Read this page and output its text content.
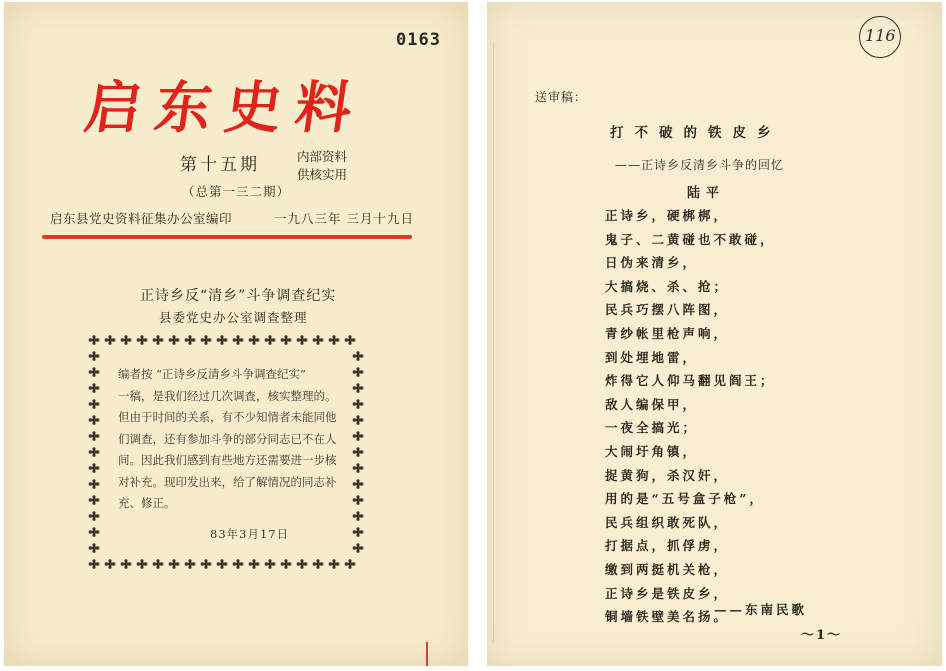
0163
启东史料
第十五期	内部资料
供核实用
（总第一三二期）
启东县党史资料征集办公室编印	一九八三年 三月十九日
正诗乡反“清乡”斗争调查纪实
县委党史办公室调查整理

编者按 “正诗乡反清乡斗争调查纪实”

一稿，是我们经过几次调查，核实整理的。

但由于时间的关系，有不少知情者未能同他

们调查，还有参加斗争的部分同志已不在人

间。因此我们感到有些地方还需要进一步核

对补充。现印发出来，给了解情况的同志补

充、修正。

83年3月17日
116
送审稿：
打不破的铁皮乡
——正诗乡反清乡斗争的回忆
陆平
正诗乡，硬梆梆，
鬼子、二黄碰也不敢碰，
日伪来清乡，
大搞烧、杀、抢；
民兵巧摆八阵图，
青纱帐里枪声响，
到处埋地雷，
炸得它人仰马翻见阎王；
敌人编保甲，
一夜全搞光；
大闹圩角镇，
捉黄狗，杀汉奸，
用的是“五号盒子枪”，
民兵组织敢死队，
打据点，抓俘虏，
缴到两挺机关枪，
正诗乡是铁皮乡，
铜墙铁壁美名扬。
——东南民歌
～1～
